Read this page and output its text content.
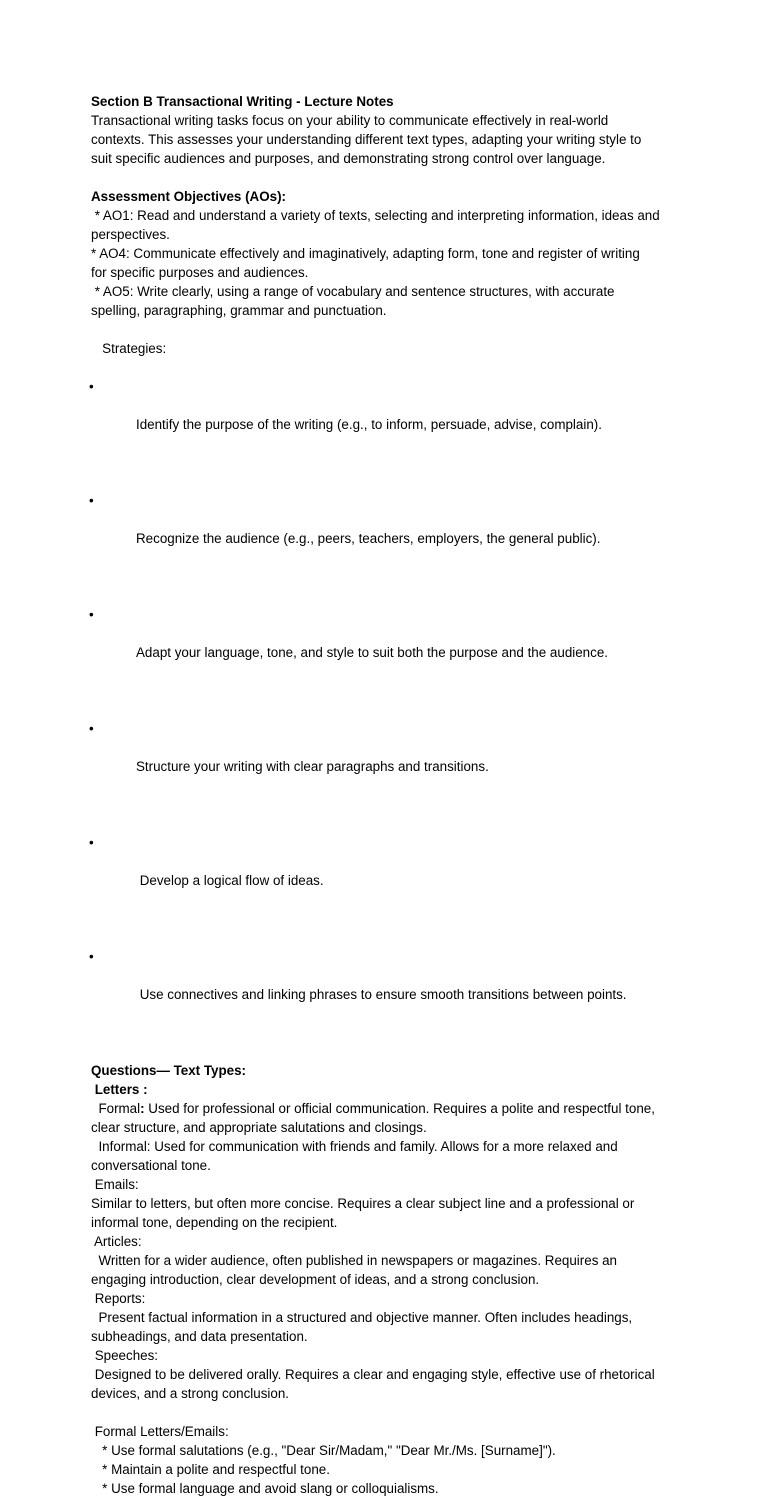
Section B Transactional Writing - Lecture Notes
Transactional writing tasks focus on your ability to communicate effectively in real-world
contexts. This assesses your understanding different text types, adapting your writing style to
suit specific audiences and purposes, and demonstrating strong control over language.
Assessment Objectives (AOs):
* AO1: Read and understand a variety of texts, selecting and interpreting information, ideas and
perspectives.
* AO4: Communicate effectively and imaginatively, adapting form, tone and register of writing
for specific purposes and audiences.
* AO5: Write clearly, using a range of vocabulary and sentence structures, with accurate
spelling, paragraphing, grammar and punctuation.
Strategies:

•

Identify the purpose of the writing (e.g., to inform, persuade, advise, complain).

•

Recognize the audience (e.g., peers, teachers, employers, the general public).

•

Adapt your language, tone, and style to suit both the purpose and the audience.

•

Structure your writing with clear paragraphs and transitions.

•

Develop a logical flow of ideas.

•

Use connectives and linking phrases to ensure smooth transitions between points.

Questions— Text Types:
Letters :
Formal: Used for professional or official communication. Requires a polite and respectful tone,
clear structure, and appropriate salutations and closings.
Informal: Used for communication with friends and family. Allows for a more relaxed and
conversational tone.
Emails:
Similar to letters, but often more concise. Requires a clear subject line and a professional or
informal tone, depending on the recipient.
Articles:
Written for a wider audience, often published in newspapers or magazines. Requires an
engaging introduction, clear development of ideas, and a strong conclusion.
Reports:
Present factual information in a structured and objective manner. Often includes headings,
subheadings, and data presentation.
Speeches:
Designed to be delivered orally. Requires a clear and engaging style, effective use of rhetorical
devices, and a strong conclusion.
Formal Letters/Emails:
* Use formal salutations (e.g., "Dear Sir/Madam," "Dear Mr./Ms. [Surname]").
* Maintain a polite and respectful tone.
* Use formal language and avoid slang or colloquialisms.
